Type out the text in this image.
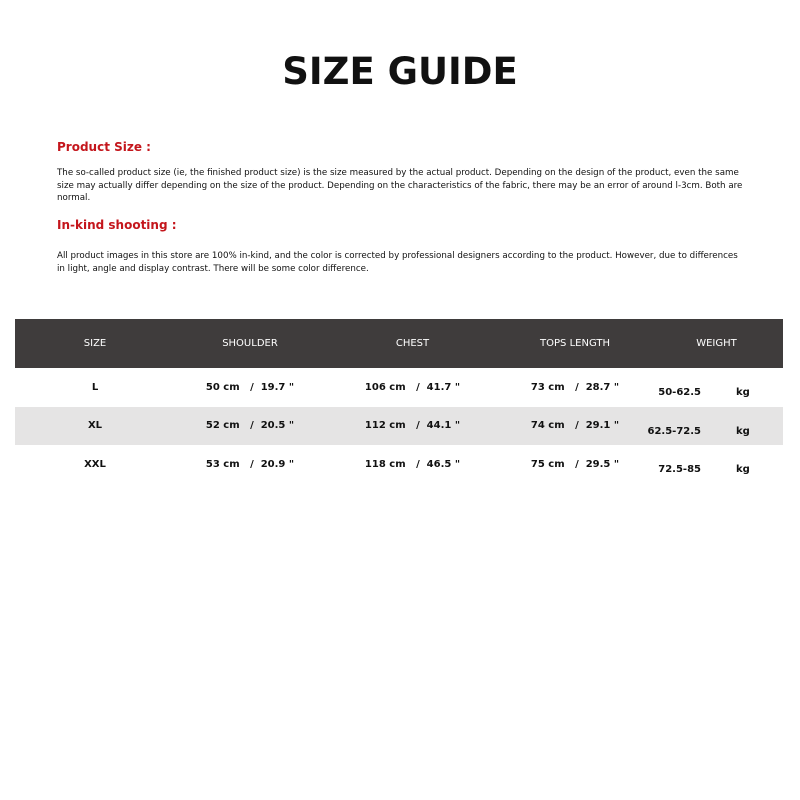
SIZE GUIDE
Product Size :
The so-called product size (ie, the finished product size) is the size measured by the actual product. Depending on the design of the product, even the same size may actually differ depending on the size of the product. Depending on the characteristics of the fabric, there may be an error of around l-3cm. Both are normal.
In-kind shooting :
All product images in this store are 100% in-kind, and the color is corrected by professional designers according to the product. However, due to differences in light, angle and display contrast. There will be some color difference.
SIZE	SHOULDER	CHEST	TOPS LENGTH	WEIGHT
L	50 cm   /  19.7 "	106 cm   /  41.7 "	73 cm   /  28.7 "	50-62.5	kg
XL	52 cm   /  20.5 "	112 cm   /  44.1 "	74 cm   /  29.1 "	62.5-72.5	kg
XXL	53 cm   /  20.9 "	118 cm   /  46.5 "	75 cm   /  29.5 "	72.5-85	kg
